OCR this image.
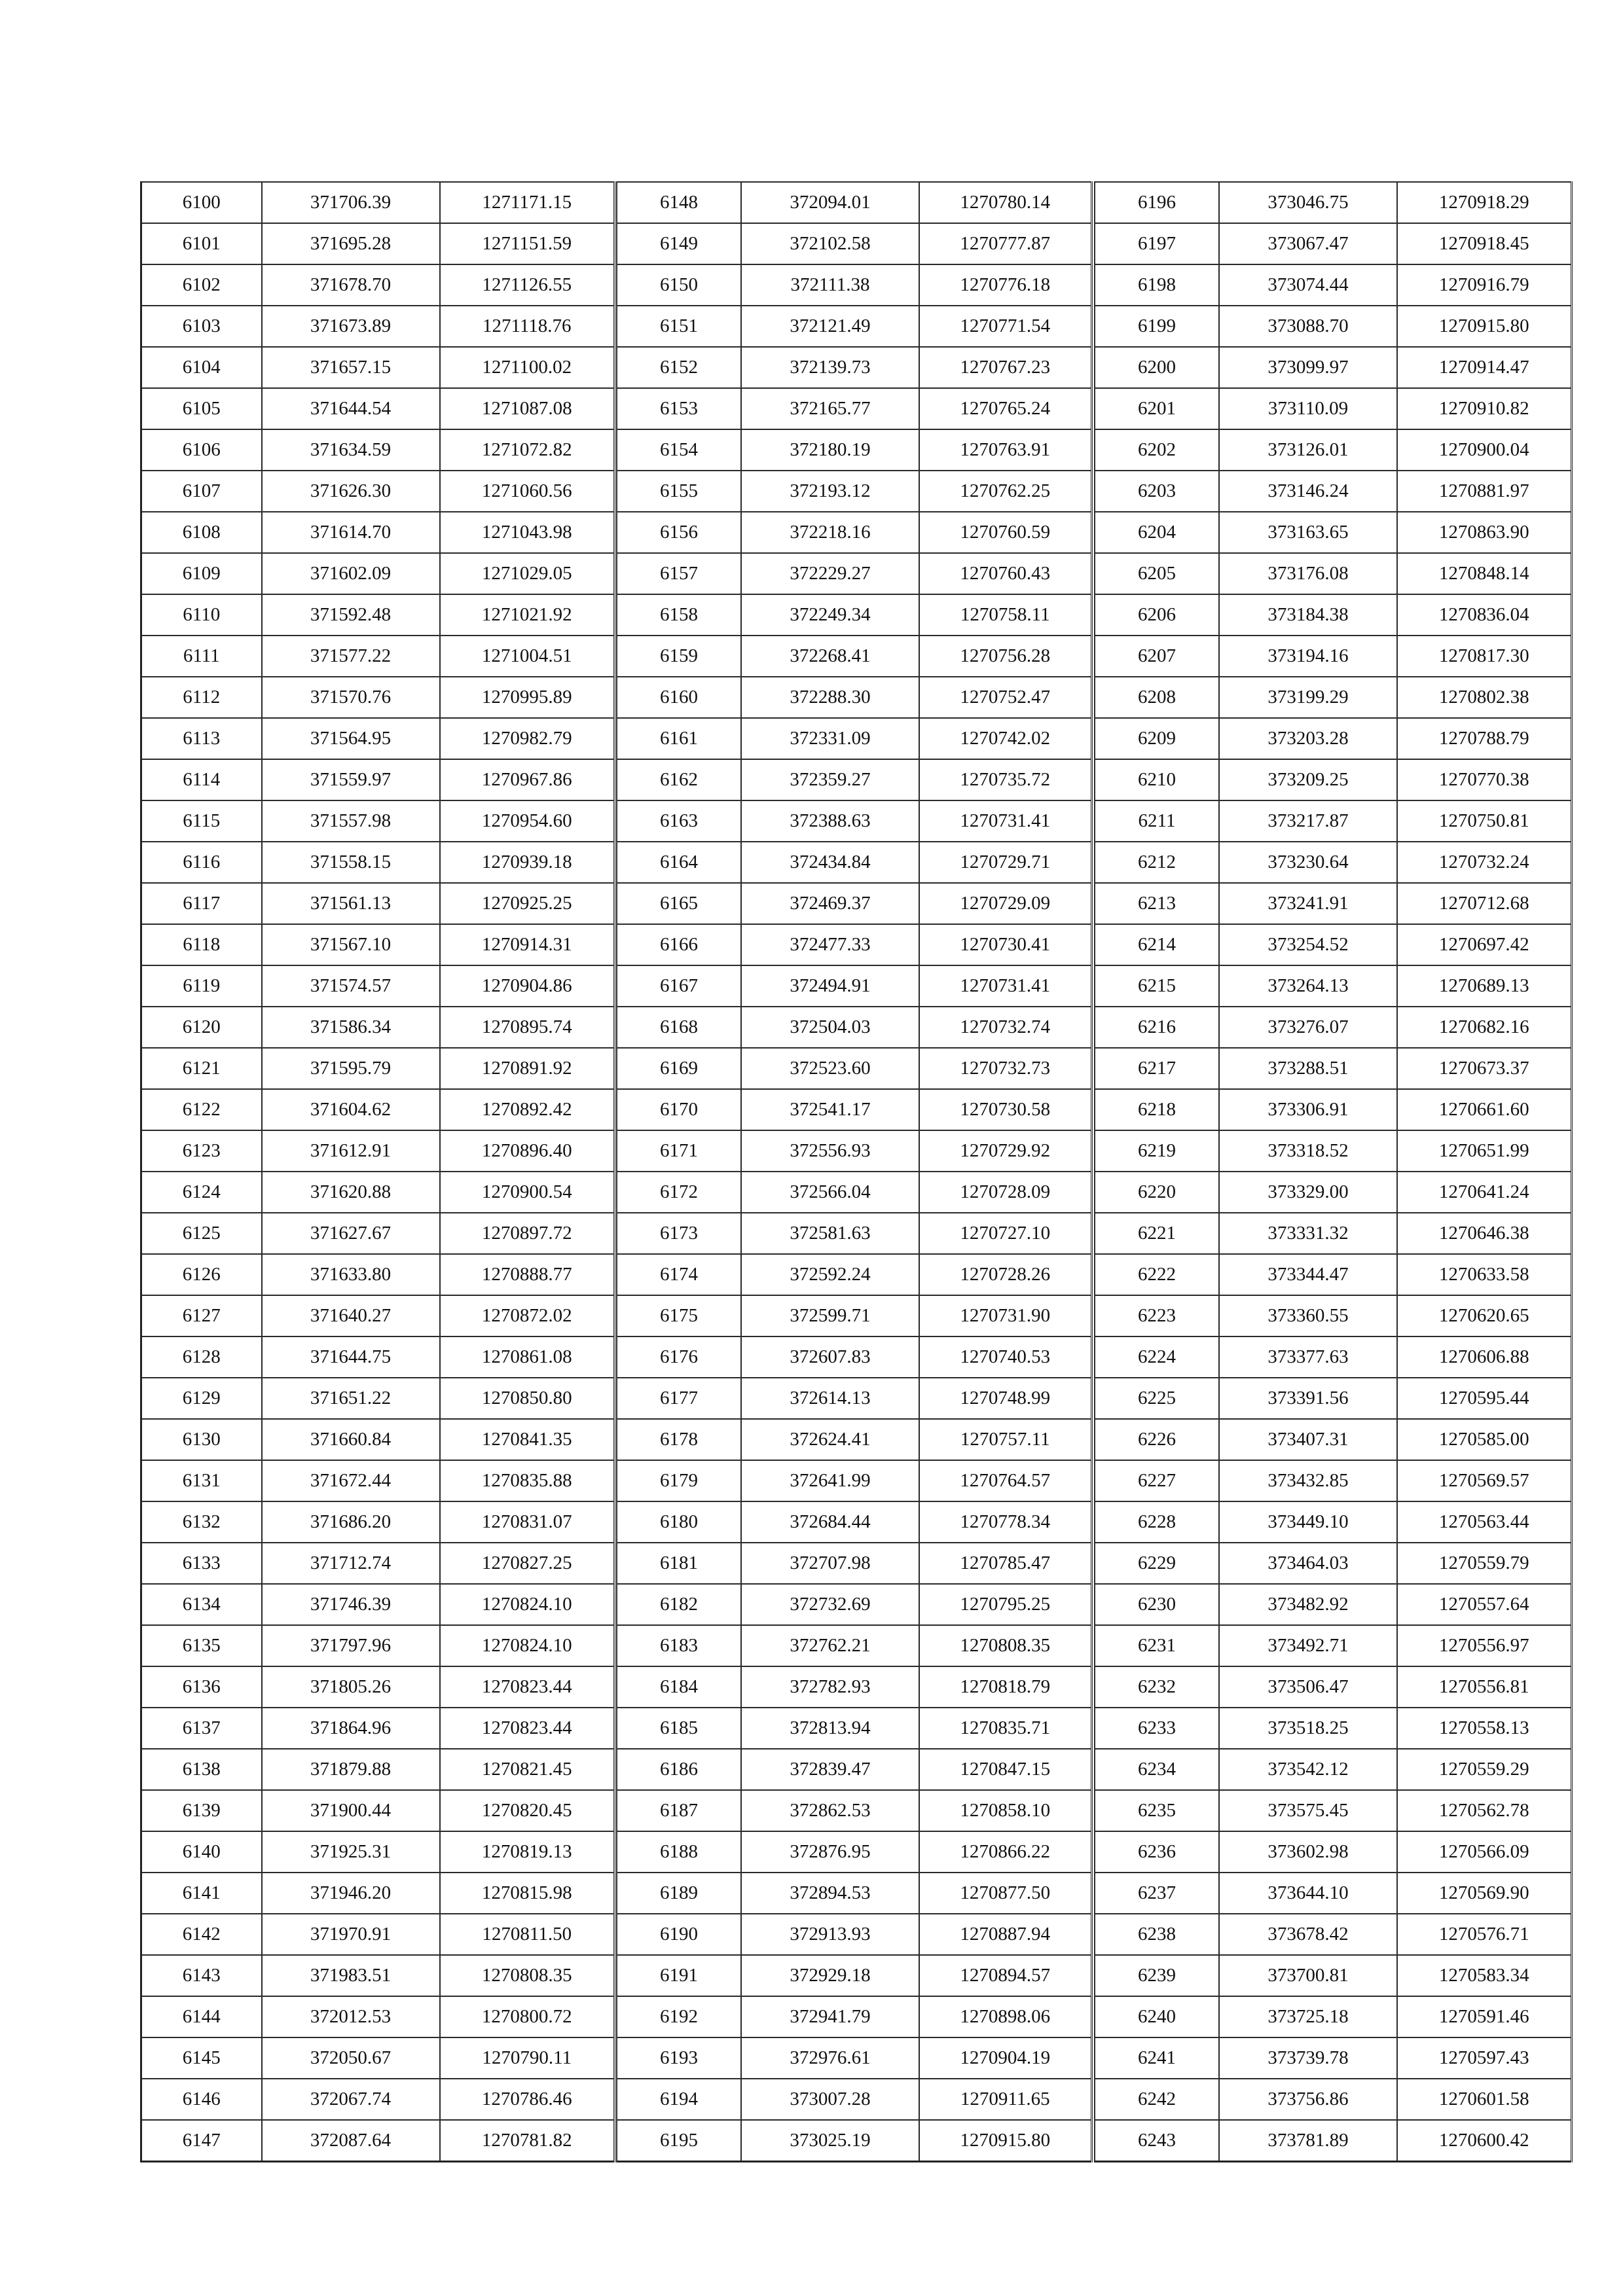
6100	371706.39	1271171.15
6101	371695.28	1271151.59
6102	371678.70	1271126.55
6103	371673.89	1271118.76
6104	371657.15	1271100.02
6105	371644.54	1271087.08
6106	371634.59	1271072.82
6107	371626.30	1271060.56
6108	371614.70	1271043.98
6109	371602.09	1271029.05
6110	371592.48	1271021.92
6111	371577.22	1271004.51
6112	371570.76	1270995.89
6113	371564.95	1270982.79
6114	371559.97	1270967.86
6115	371557.98	1270954.60
6116	371558.15	1270939.18
6117	371561.13	1270925.25
6118	371567.10	1270914.31
6119	371574.57	1270904.86
6120	371586.34	1270895.74
6121	371595.79	1270891.92
6122	371604.62	1270892.42
6123	371612.91	1270896.40
6124	371620.88	1270900.54
6125	371627.67	1270897.72
6126	371633.80	1270888.77
6127	371640.27	1270872.02
6128	371644.75	1270861.08
6129	371651.22	1270850.80
6130	371660.84	1270841.35
6131	371672.44	1270835.88
6132	371686.20	1270831.07
6133	371712.74	1270827.25
6134	371746.39	1270824.10
6135	371797.96	1270824.10
6136	371805.26	1270823.44
6137	371864.96	1270823.44
6138	371879.88	1270821.45
6139	371900.44	1270820.45
6140	371925.31	1270819.13
6141	371946.20	1270815.98
6142	371970.91	1270811.50
6143	371983.51	1270808.35
6144	372012.53	1270800.72
6145	372050.67	1270790.11
6146	372067.74	1270786.46
6147	372087.64	1270781.82
6148	372094.01	1270780.14
6149	372102.58	1270777.87
6150	372111.38	1270776.18
6151	372121.49	1270771.54
6152	372139.73	1270767.23
6153	372165.77	1270765.24
6154	372180.19	1270763.91
6155	372193.12	1270762.25
6156	372218.16	1270760.59
6157	372229.27	1270760.43
6158	372249.34	1270758.11
6159	372268.41	1270756.28
6160	372288.30	1270752.47
6161	372331.09	1270742.02
6162	372359.27	1270735.72
6163	372388.63	1270731.41
6164	372434.84	1270729.71
6165	372469.37	1270729.09
6166	372477.33	1270730.41
6167	372494.91	1270731.41
6168	372504.03	1270732.74
6169	372523.60	1270732.73
6170	372541.17	1270730.58
6171	372556.93	1270729.92
6172	372566.04	1270728.09
6173	372581.63	1270727.10
6174	372592.24	1270728.26
6175	372599.71	1270731.90
6176	372607.83	1270740.53
6177	372614.13	1270748.99
6178	372624.41	1270757.11
6179	372641.99	1270764.57
6180	372684.44	1270778.34
6181	372707.98	1270785.47
6182	372732.69	1270795.25
6183	372762.21	1270808.35
6184	372782.93	1270818.79
6185	372813.94	1270835.71
6186	372839.47	1270847.15
6187	372862.53	1270858.10
6188	372876.95	1270866.22
6189	372894.53	1270877.50
6190	372913.93	1270887.94
6191	372929.18	1270894.57
6192	372941.79	1270898.06
6193	372976.61	1270904.19
6194	373007.28	1270911.65
6195	373025.19	1270915.80
6196	373046.75	1270918.29
6197	373067.47	1270918.45
6198	373074.44	1270916.79
6199	373088.70	1270915.80
6200	373099.97	1270914.47
6201	373110.09	1270910.82
6202	373126.01	1270900.04
6203	373146.24	1270881.97
6204	373163.65	1270863.90
6205	373176.08	1270848.14
6206	373184.38	1270836.04
6207	373194.16	1270817.30
6208	373199.29	1270802.38
6209	373203.28	1270788.79
6210	373209.25	1270770.38
6211	373217.87	1270750.81
6212	373230.64	1270732.24
6213	373241.91	1270712.68
6214	373254.52	1270697.42
6215	373264.13	1270689.13
6216	373276.07	1270682.16
6217	373288.51	1270673.37
6218	373306.91	1270661.60
6219	373318.52	1270651.99
6220	373329.00	1270641.24
6221	373331.32	1270646.38
6222	373344.47	1270633.58
6223	373360.55	1270620.65
6224	373377.63	1270606.88
6225	373391.56	1270595.44
6226	373407.31	1270585.00
6227	373432.85	1270569.57
6228	373449.10	1270563.44
6229	373464.03	1270559.79
6230	373482.92	1270557.64
6231	373492.71	1270556.97
6232	373506.47	1270556.81
6233	373518.25	1270558.13
6234	373542.12	1270559.29
6235	373575.45	1270562.78
6236	373602.98	1270566.09
6237	373644.10	1270569.90
6238	373678.42	1270576.71
6239	373700.81	1270583.34
6240	373725.18	1270591.46
6241	373739.78	1270597.43
6242	373756.86	1270601.58
6243	373781.89	1270600.42
